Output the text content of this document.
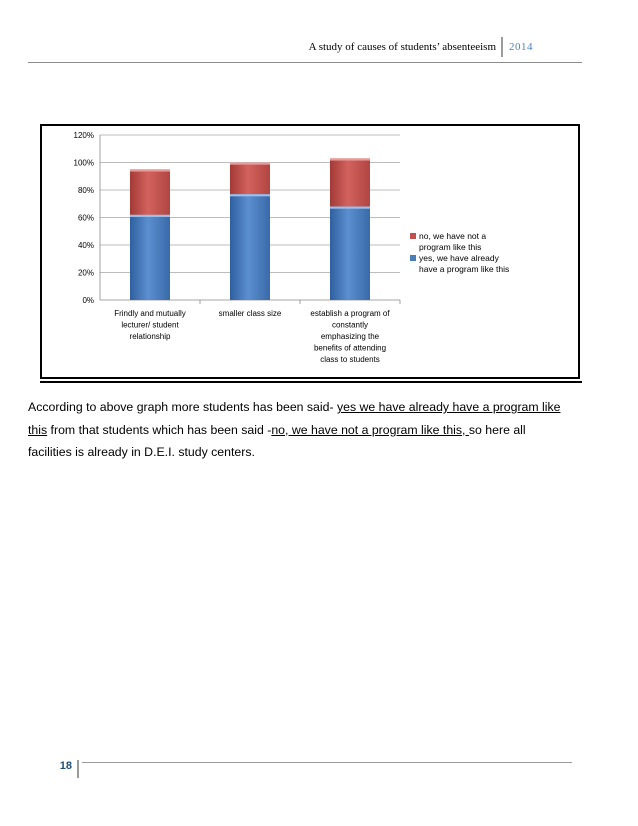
A study of causes of students’ absenteeism 2014
0%
20%
40%
60%
80%
100%
120%
Frindly and mutually
lecturer/ student
relationship
smaller class size	establish a program of
constantly
emphasizing the
benefits of attending
class to students
no, we have not a
program like this
yes, we have already
have a program like this
According to above graph more students has been said- yes we have already have a program like this from that students which has been said -no, we have not a program like this, so here all facilities is already in D.E.I. study centers.
18
